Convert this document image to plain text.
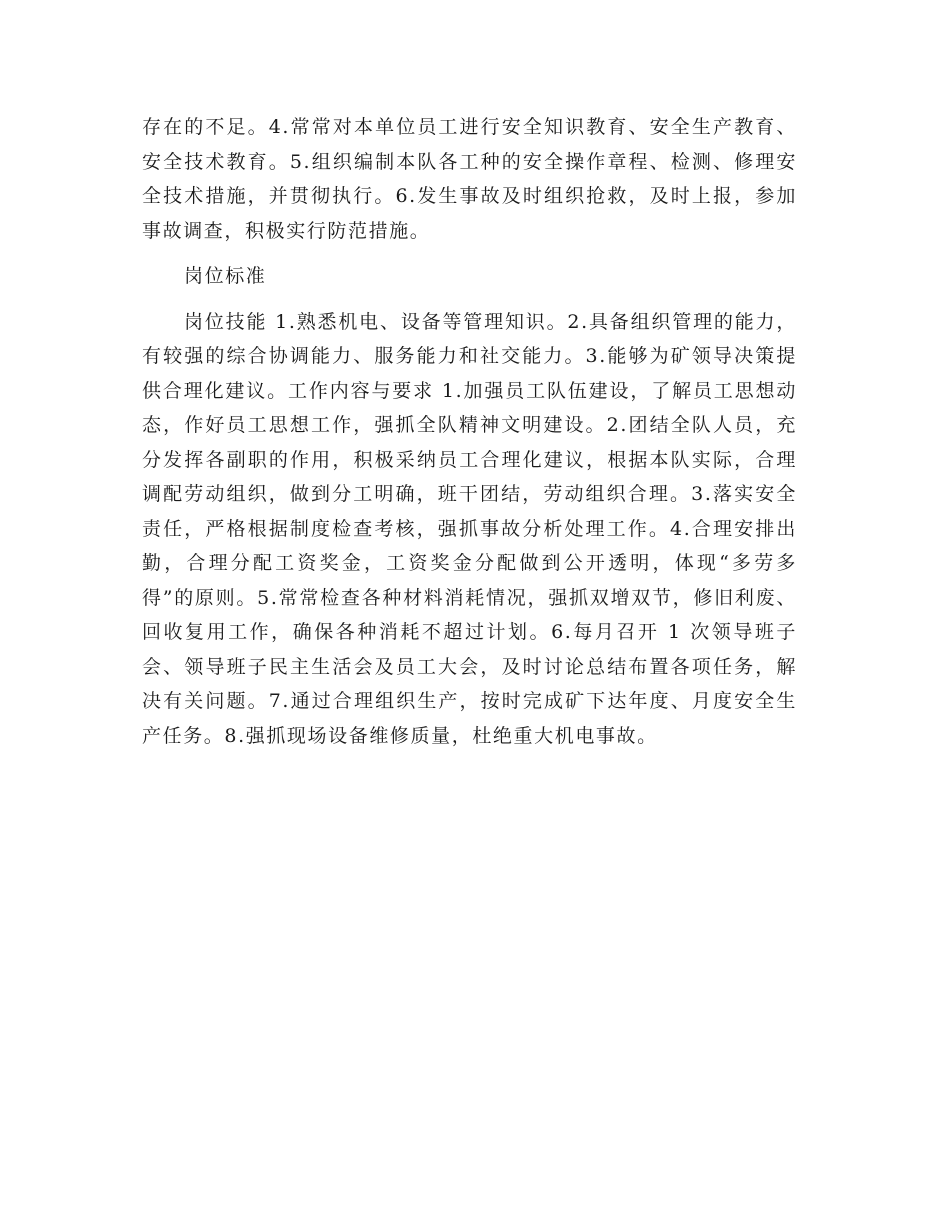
存在的不足。4.常常对本单位员工进行安全知识教育、安全生产教育、安全技术教育。5.组织编制本队各工种的安全操作章程、检测、修理安全技术措施，并贯彻执行。6.发生事故及时组织抢救，及时上报，参加事故调查，积极实行防范措施。

岗位标准

岗位技能 1.熟悉机电、设备等管理知识。2.具备组织管理的能力，有较强的综合协调能力、服务能力和社交能力。3.能够为矿领导决策提供合理化建议。工作内容与要求 1.加强员工队伍建设，了解员工思想动态，作好员工思想工作，强抓全队精神文明建设。2.团结全队人员，充分发挥各副职的作用，积极采纳员工合理化建议，根据本队实际，合理调配劳动组织，做到分工明确，班干团结，劳动组织合理。3.落实安全责任，严格根据制度检查考核，强抓事故分析处理工作。4.合理安排出勤，合理分配工资奖金，工资奖金分配做到公开透明，体现“多劳多得”的原则。5.常常检查各种材料消耗情况，强抓双增双节，修旧利废、回收复用工作，确保各种消耗不超过计划。6.每月召开 1 次领导班子会、领导班子民主生活会及员工大会，及时讨论总结布置各项任务，解决有关问题。7.通过合理组织生产，按时完成矿下达年度、月度安全生产任务。8.强抓现场设备维修质量，杜绝重大机电事故。
